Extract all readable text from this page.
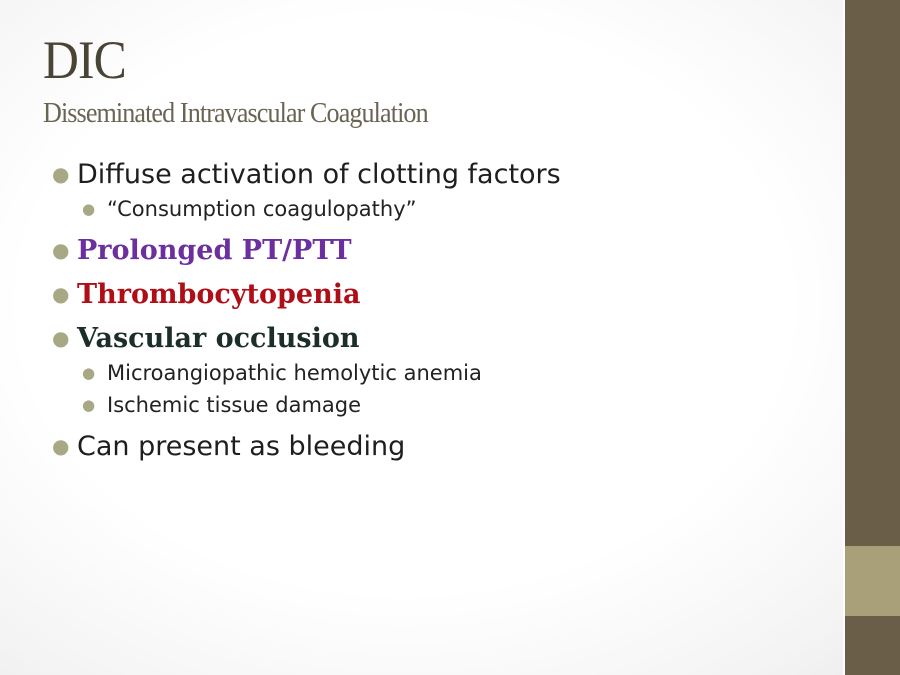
DIC
Disseminated Intravascular Coagulation
● Diffuse activation of clotting factors
● “Consumption coagulopathy”
● Prolonged PT/PTT
● Thrombocytopenia
● Vascular occlusion
● Microangiopathic hemolytic anemia
● Ischemic tissue damage
● Can present as bleeding
